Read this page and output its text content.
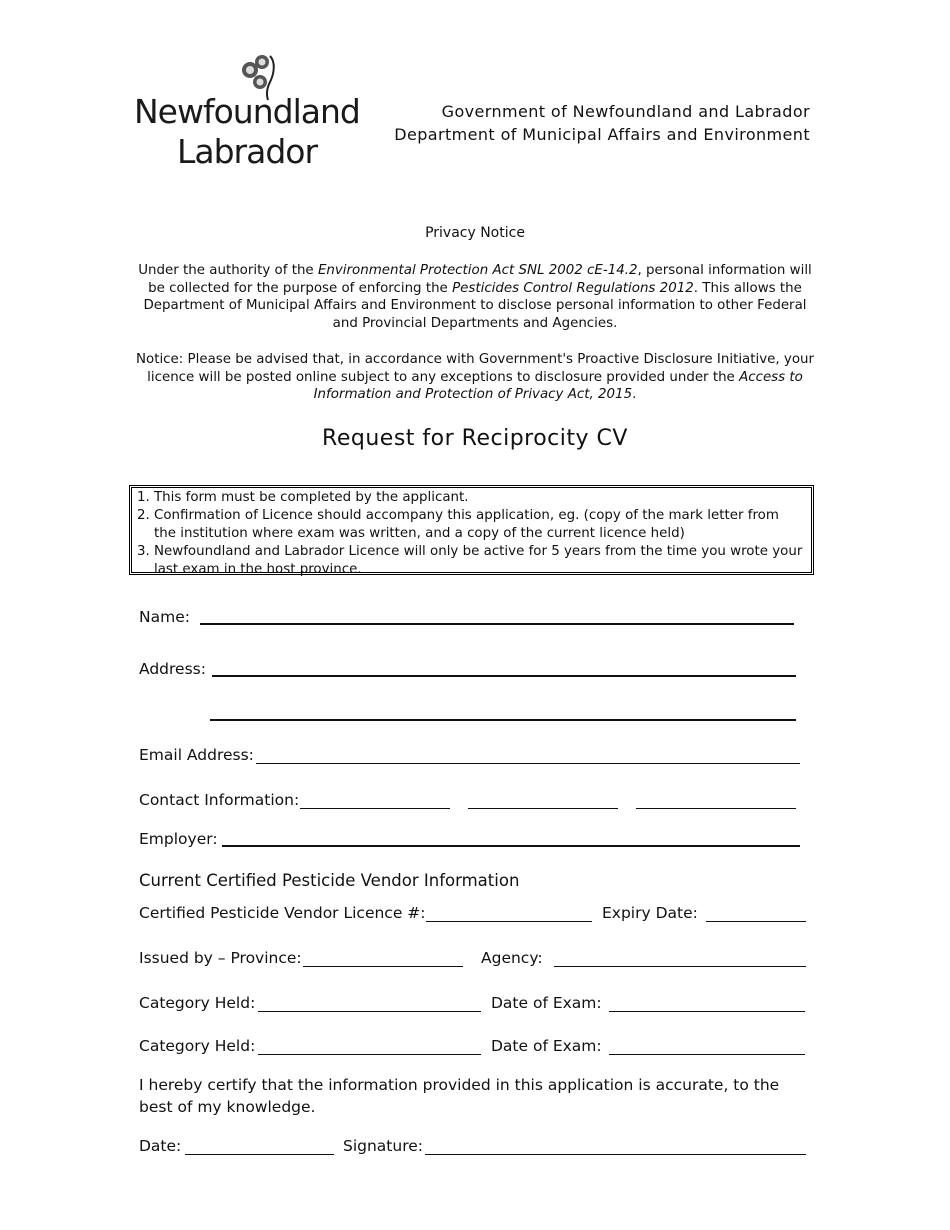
Newfoundland
Labrador
Government of Newfoundland and Labrador
Department of Municipal Affairs and Environment
Privacy Notice
Under the authority of the Environmental Protection Act SNL 2002 cE-14.2, personal information will be collected for the purpose of enforcing the Pesticides Control Regulations 2012. This allows the Department of Municipal Affairs and Environment to disclose personal information to other Federal and Provincial Departments and Agencies.
Notice: Please be advised that, in accordance with Government's Proactive Disclosure Initiative, your licence will be posted online subject to any exceptions to disclosure provided under the Access to Information and Protection of Privacy Act, 2015.
Request for Reciprocity CV
1. This form must be completed by the applicant.
2. Confirmation of Licence should accompany this application, eg. (copy of the mark letter from the institution where exam was written, and a copy of the current licence held)
3. Newfoundland and Labrador Licence will only be active for 5 years from the time you wrote your last exam in the host province.
Name:
Address:
Email Address:
Contact Information:
Employer:
Current Certified Pesticide Vendor Information
Certified Pesticide Vendor Licence #:	Expiry Date:
Issued by – Province:	Agency:
Category Held:	Date of Exam:
Category Held:	Date of Exam:
I hereby certify that the information provided in this application is accurate, to the best of my knowledge.
Date:	Signature:
